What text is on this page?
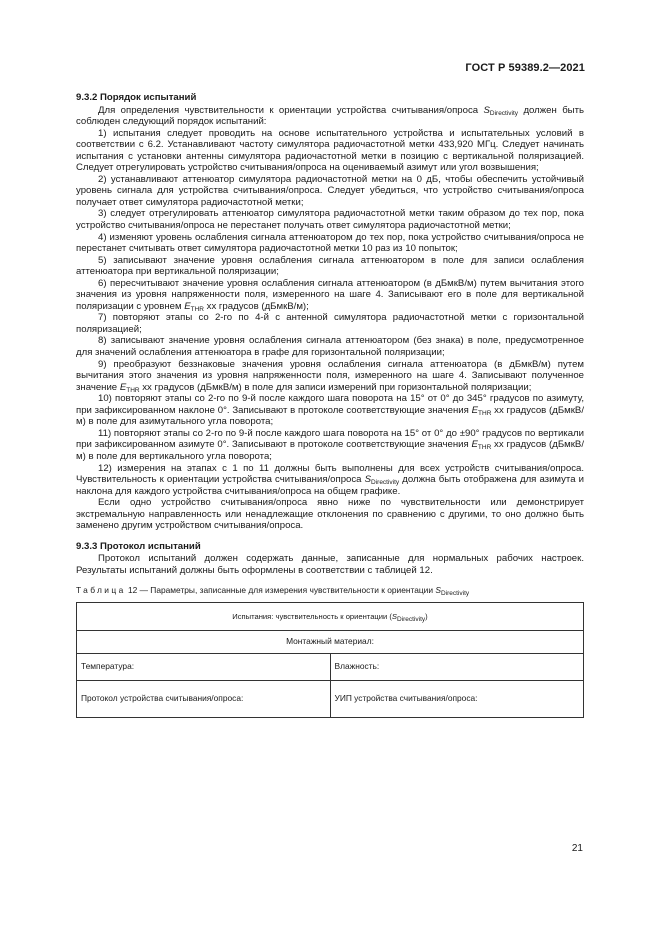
ГОСТ Р 59389.2—2021

9.3.2 Порядок испытаний

Для определения чувствительности к ориентации устройства считывания/опроса $S_{Directivity}$ должен быть соблюден следующий порядок испытаний:

1) испытания следует проводить на основе испытательного устройства и испытательных условий в соответствии с 6.2. Устанавливают частоту симулятора радиочастотной метки 433,920 МГц. Следует начинать испытания с установки антенны симулятора радиочастотной метки в позицию с вертикальной поляризацией. Следует отрегулировать устройство считывания/опроса на оцениваемый азимут или угол возвышения;

2) устанавливают аттенюатор симулятора радиочастотной метки на 0 дБ, чтобы обеспечить устойчивый уровень сигнала для устройства считывания/опроса. Следует убедиться, что устройство считывания/опроса получает ответ симулятора радиочастотной метки;

3) следует отрегулировать аттенюатор симулятора радиочастотной метки таким образом до тех пор, пока устройство считывания/опроса не перестанет получать ответ симулятора радиочастотной метки;

4) изменяют уровень ослабления сигнала аттенюатором до тех пор, пока устройство считывания/опроса не перестанет считывать ответ симулятора радиочастотной метки 10 раз из 10 попыток;

5) записывают значение уровня ослабления сигнала аттенюатором в поле для записи ослабления аттенюатора при вертикальной поляризации;

6) пересчитывают значение уровня ослабления сигнала аттенюатором (в дБмкВ/м) путем вычитания этого значения из уровня напряженности поля, измеренного на шаге 4. Записывают его в поле для вертикальной поляризации с уровнем $E_{THR}$ xx градусов (дБмкВ/м);

7) повторяют этапы со 2-го по 4-й с антенной симулятора радиочастотной метки с горизонтальной поляризацией;

8) записывают значение уровня ослабления сигнала аттенюатором (без знака) в поле, предусмотренное для значений ослабления аттенюатора в графе для горизонтальной поляризации;

9) преобразуют беззнаковые значения уровня ослабления сигнала аттенюатора (в дБмкВ/м) путем вычитания этого значения из уровня напряженности поля, измеренного на шаге 4. Записывают полученное значение $E_{THR}$ xx градусов (дБмкВ/м) в поле для записи измерений при горизонтальной поляризации;

10) повторяют этапы со 2-го по 9-й после каждого шага поворота на 15° от 0° до 345° градусов по азимуту, при зафиксированном наклоне 0°. Записывают в протоколе соответствующие значения $E_{THR}$ xx градусов (дБмкВ/м) в поле для азимутального угла поворота;

11) повторяют этапы со 2-го по 9-й после каждого шага поворота на 15° от 0° до ±90° градусов по вертикали при зафиксированном азимуте 0°. Записывают в протоколе соответствующие значения $E_{THR}$ xx градусов (дБмкВ/м) в поле для вертикального угла поворота;

12) измерения на этапах с 1 по 11 должны быть выполнены для всех устройств считывания/опроса. Чувствительность к ориентации устройства считывания/опроса $S_{Directivity}$ должна быть отображена для азимута и наклона для каждого устройства считывания/опроса на общем графике.

Если одно устройство считывания/опроса явно ниже по чувствительности или демонстрирует экстремальную направленность или ненадлежащие отклонения по сравнению с другими, то оно должно быть заменено другим устройством считывания/опроса.

9.3.3 Протокол испытаний

Протокол испытаний должен содержать данные, записанные для нормальных рабочих настроек. Результаты испытаний должны быть оформлены в соответствии с таблицей 12.

Таблица 12 — Параметры, записанные для измерения чувствительности к ориентации $S_{Directivity}$

Испытания: чувствительность к ориентации $(S_{Directivity})$	
Монтажный материал:	
Температура:	Влажность:
Протокол устройства считывания/опроса:	УИП устройства считывания/опроса:
21
